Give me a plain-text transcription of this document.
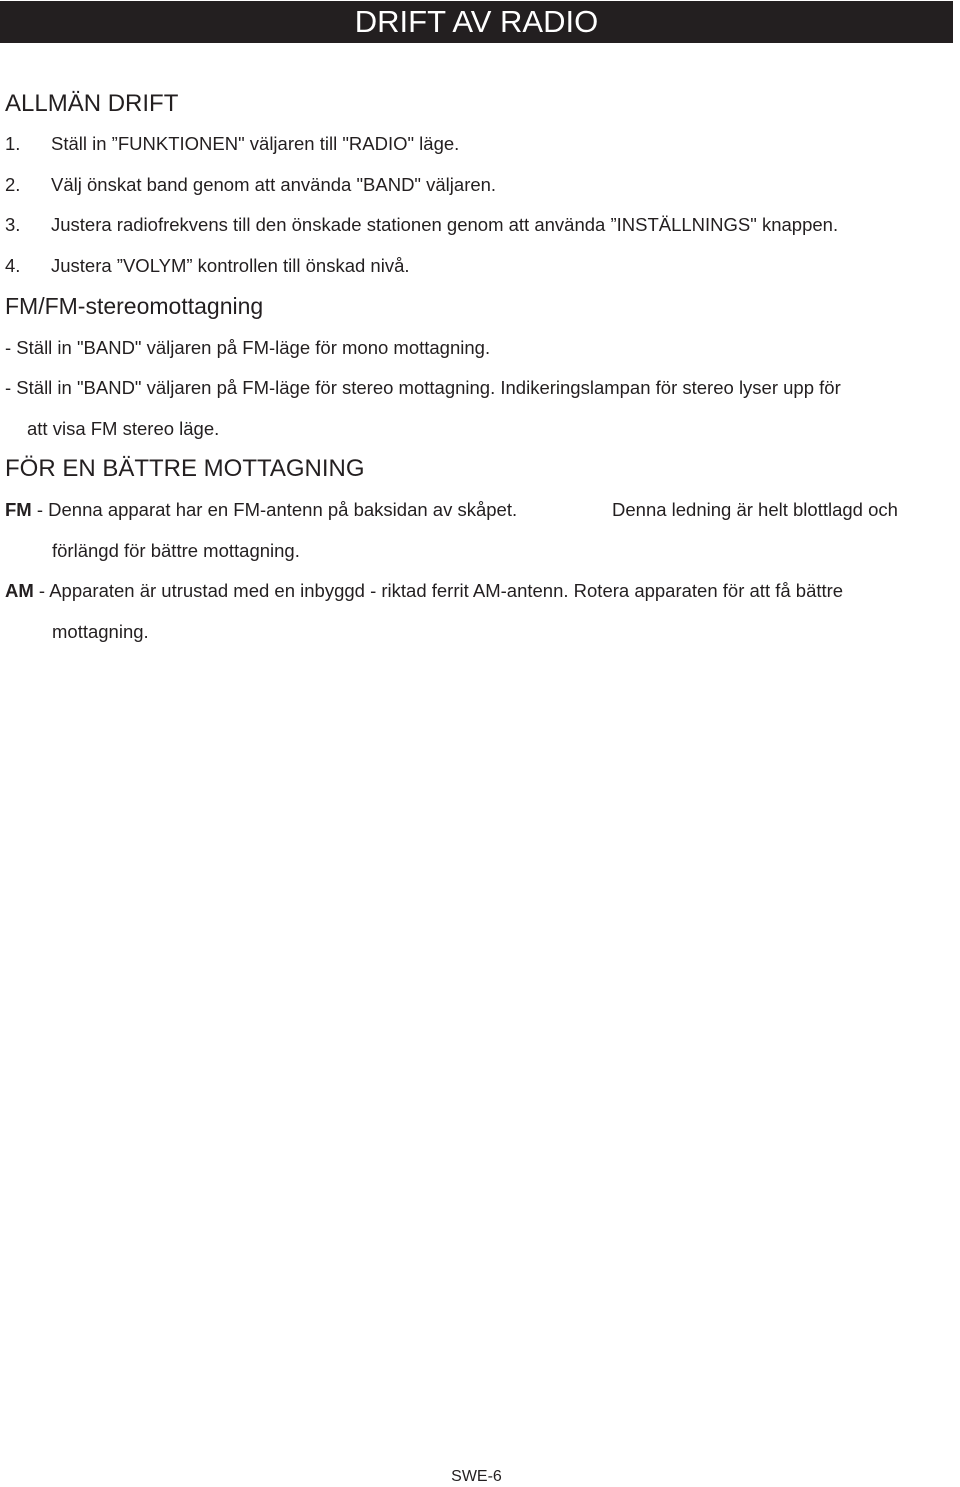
DRIFT AV RADIO
ALLMÄN DRIFT
1. Ställ in ”FUNKTIONEN" väljaren till "RADIO" läge.
2. Välj önskat band genom att använda "BAND" väljaren.
3. Justera radiofrekvens till den önskade stationen genom att använda ”INSTÄLLNINGS" knappen.
4. Justera ”VOLYM” kontrollen till önskad nivå.
FM/FM-stereomottagning
- Ställ in "BAND" väljaren på FM-läge för mono mottagning.
- Ställ in "BAND" väljaren på FM-läge för stereo mottagning. Indikeringslampan för stereo lyser upp för
att visa FM stereo läge.
FÖR EN BÄTTRE MOTTAGNING
FM - Denna apparat har en FM-antenn på baksidan av skåpet.	Denna ledning är helt blottlagd och
förlängd för bättre mottagning.
AM - Apparaten är utrustad med en inbyggd - riktad ferrit AM-antenn. Rotera apparaten för att få bättre
mottagning.
SWE-6
